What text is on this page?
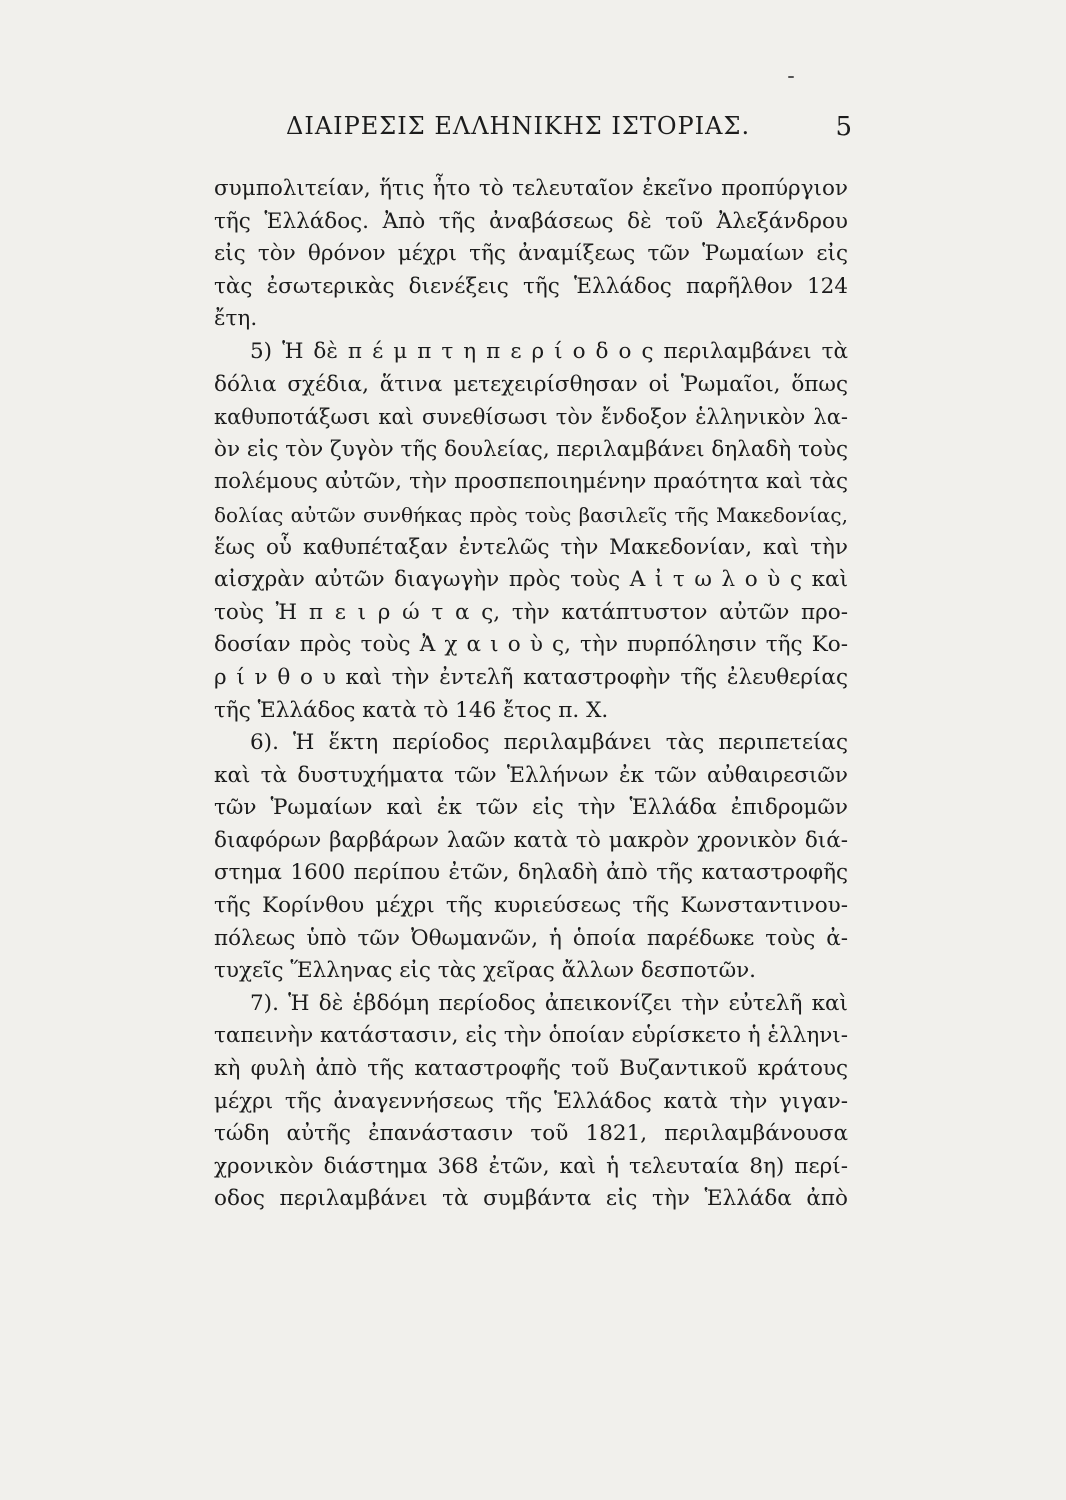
ΔΙΑΙΡΕΣΙΣ ΕΛΛΗΝΙΚΗΣ ΙΣΤΟΡΙΑΣ.	5
συμπολιτείαν, ἥτις ἦτο τὸ τελευταῖον ἐκεῖνο προπύργιον
τῆς Ἑλλάδος. Ἀπὸ τῆς ἀναβάσεως δὲ τοῦ Ἀλεξάνδρου
εἰς τὸν θρόνον μέχρι τῆς ἀναμίξεως τῶν Ῥωμαίων εἰς
τὰς ἐσωτερικὰς διενέξεις τῆς Ἑλλάδος παρῆλθον 124
ἔτη.
5) Ἡ δὲ π έ μ π τ η π ε ρ ί ο δ ο ς περιλαμβάνει τὰ
δόλια σχέδια, ἅτινα μετεχειρίσθησαν οἱ Ῥωμαῖοι, ὅπως
καθυποτάξωσι καὶ συνεθίσωσι τὸν ἔνδοξον ἑλληνικὸν λα-
ὸν εἰς τὸν ζυγὸν τῆς δουλείας, περιλαμβάνει δηλαδὴ τοὺς
πολέμους αὐτῶν, τὴν προσπεποιημένην πραότητα καὶ τὰς
δολίας αὐτῶν συνθήκας πρὸς τοὺς βασιλεῖς τῆς Μακεδονίας,
ἕως οὗ καθυπέταξαν ἐντελῶς τὴν Μακεδονίαν, καὶ τὴν
αἰσχρὰν αὐτῶν διαγωγὴν πρὸς τοὺς Α ἰ τ ω λ ο ὺ ς καὶ
τοὺς Ἠ π ε ι ρ ώ τ α ς, τὴν κατάπτυστον αὐτῶν προ-
δοσίαν πρὸς τοὺς Ἀ χ α ι ο ὺ ς, τὴν πυρπόλησιν τῆς Κο-
ρ ί ν θ ο υ καὶ τὴν ἐντελῆ καταστροφὴν τῆς ἐλευθερίας
τῆς Ἑλλάδος κατὰ τὸ 146 ἔτος π. Χ.
6). Ἡ ἕκτη περίοδος περιλαμβάνει τὰς περιπετείας
καὶ τὰ δυστυχήματα τῶν Ἑλλήνων ἐκ τῶν αὐθαιρεσιῶν
τῶν Ῥωμαίων καὶ ἐκ τῶν εἰς τὴν Ἑλλάδα ἐπιδρομῶν
διαφόρων βαρβάρων λαῶν κατὰ τὸ μακρὸν χρονικὸν διά-
στημα 1600 περίπου ἐτῶν, δηλαδὴ ἀπὸ τῆς καταστροφῆς
τῆς Κορίνθου μέχρι τῆς κυριεύσεως τῆς Κωνσταντινου-
πόλεως ὑπὸ τῶν Ὀθωμανῶν, ἡ ὁποία παρέδωκε τοὺς ἀ-
τυχεῖς Ἕλληνας εἰς τὰς χεῖρας ἄλλων δεσποτῶν.
7). Ἡ δὲ ἑβδόμη περίοδος ἀπεικονίζει τὴν εὐτελῆ καὶ
ταπεινὴν κατάστασιν, εἰς τὴν ὁποίαν εὑρίσκετο ἡ ἑλληνι-
κὴ φυλὴ ἀπὸ τῆς καταστροφῆς τοῦ Βυζαντικοῦ κράτους
μέχρι τῆς ἀναγεννήσεως τῆς Ἑλλάδος κατὰ τὴν γιγαν-
τώδη αὐτῆς ἐπανάστασιν τοῦ 1821, περιλαμβάνουσα
χρονικὸν διάστημα 368 ἐτῶν, καὶ ἡ τελευταία 8η) περί-
οδος περιλαμβάνει τὰ συμβάντα εἰς τὴν Ἑλλάδα ἀπὸ
